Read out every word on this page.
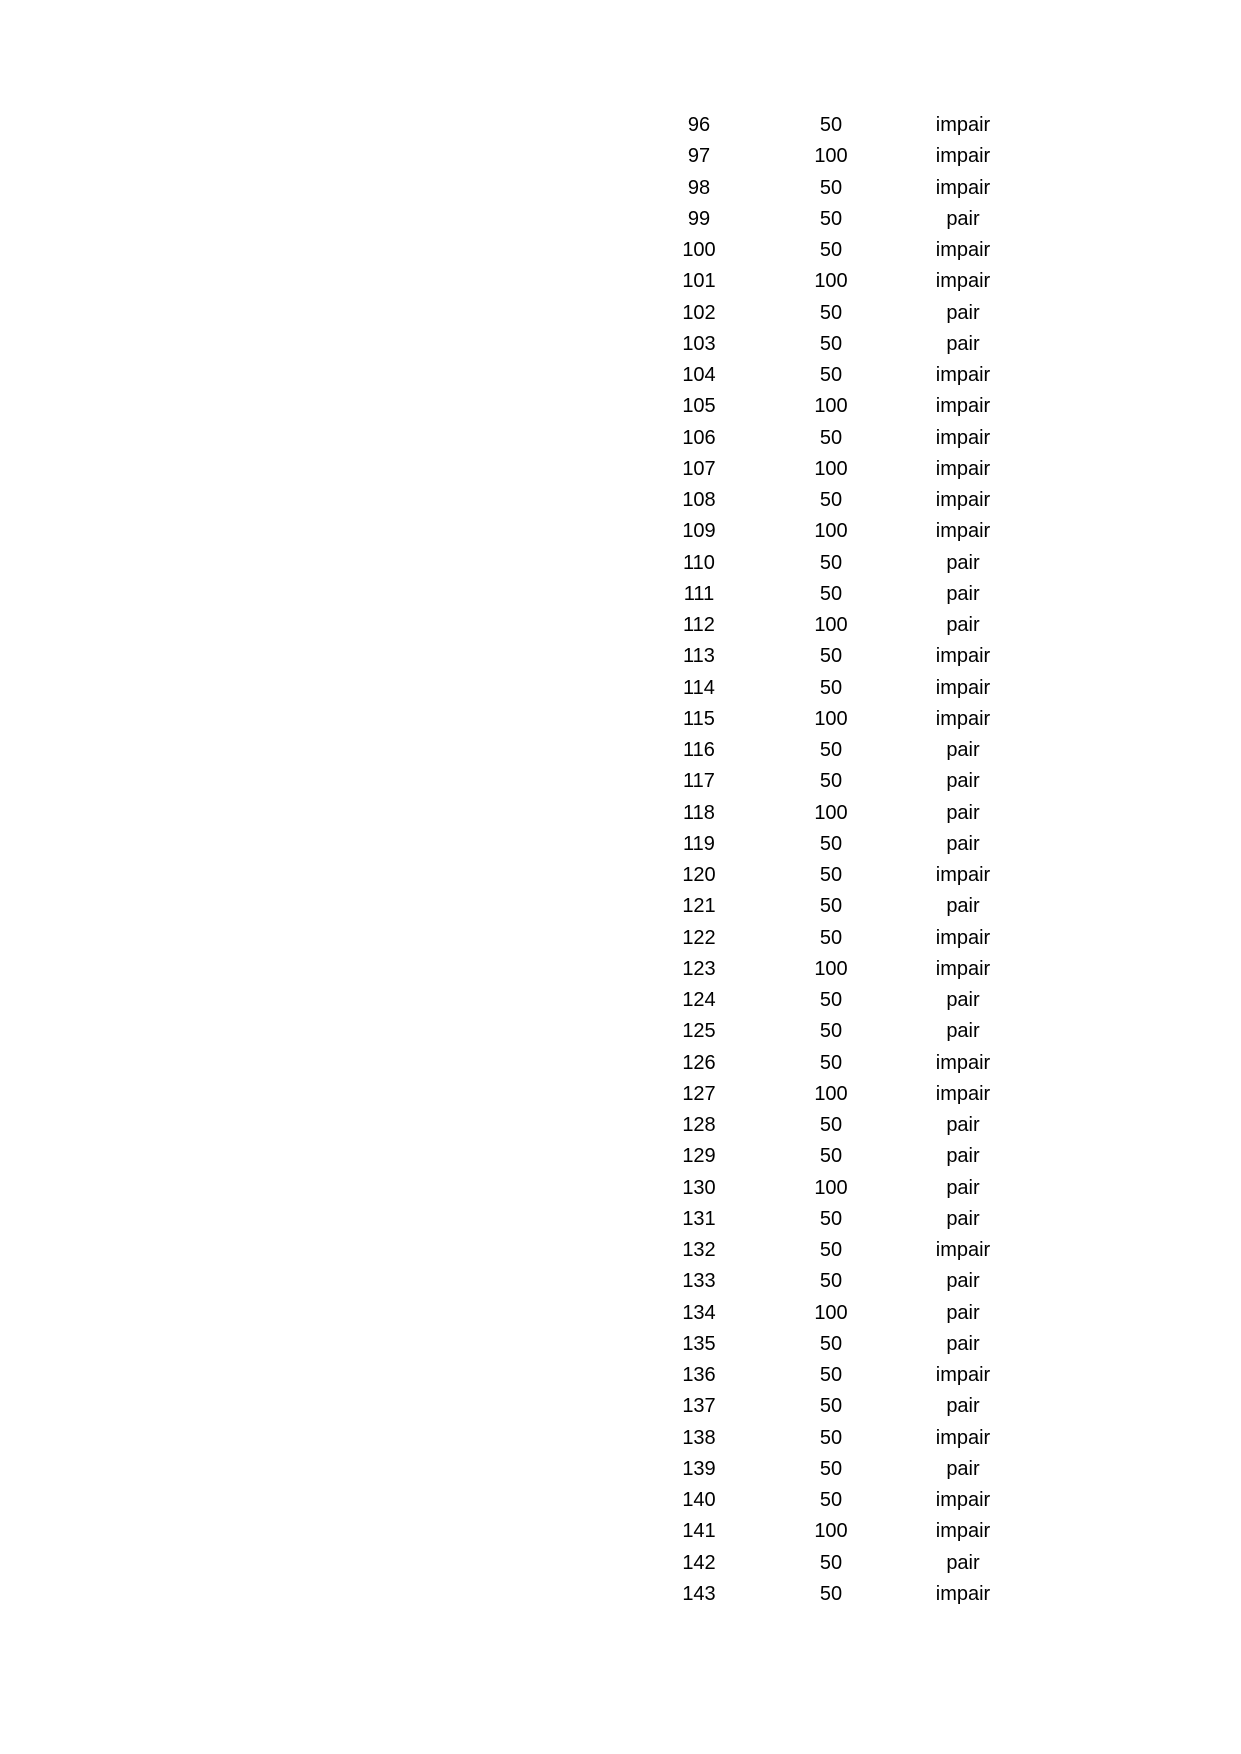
96	50	impair
97	100	impair
98	50	impair
99	50	pair
100	50	impair
101	100	impair
102	50	pair
103	50	pair
104	50	impair
105	100	impair
106	50	impair
107	100	impair
108	50	impair
109	100	impair
110	50	pair
111	50	pair
112	100	pair
113	50	impair
114	50	impair
115	100	impair
116	50	pair
117	50	pair
118	100	pair
119	50	pair
120	50	impair
121	50	pair
122	50	impair
123	100	impair
124	50	pair
125	50	pair
126	50	impair
127	100	impair
128	50	pair
129	50	pair
130	100	pair
131	50	pair
132	50	impair
133	50	pair
134	100	pair
135	50	pair
136	50	impair
137	50	pair
138	50	impair
139	50	pair
140	50	impair
141	100	impair
142	50	pair
143	50	impair
